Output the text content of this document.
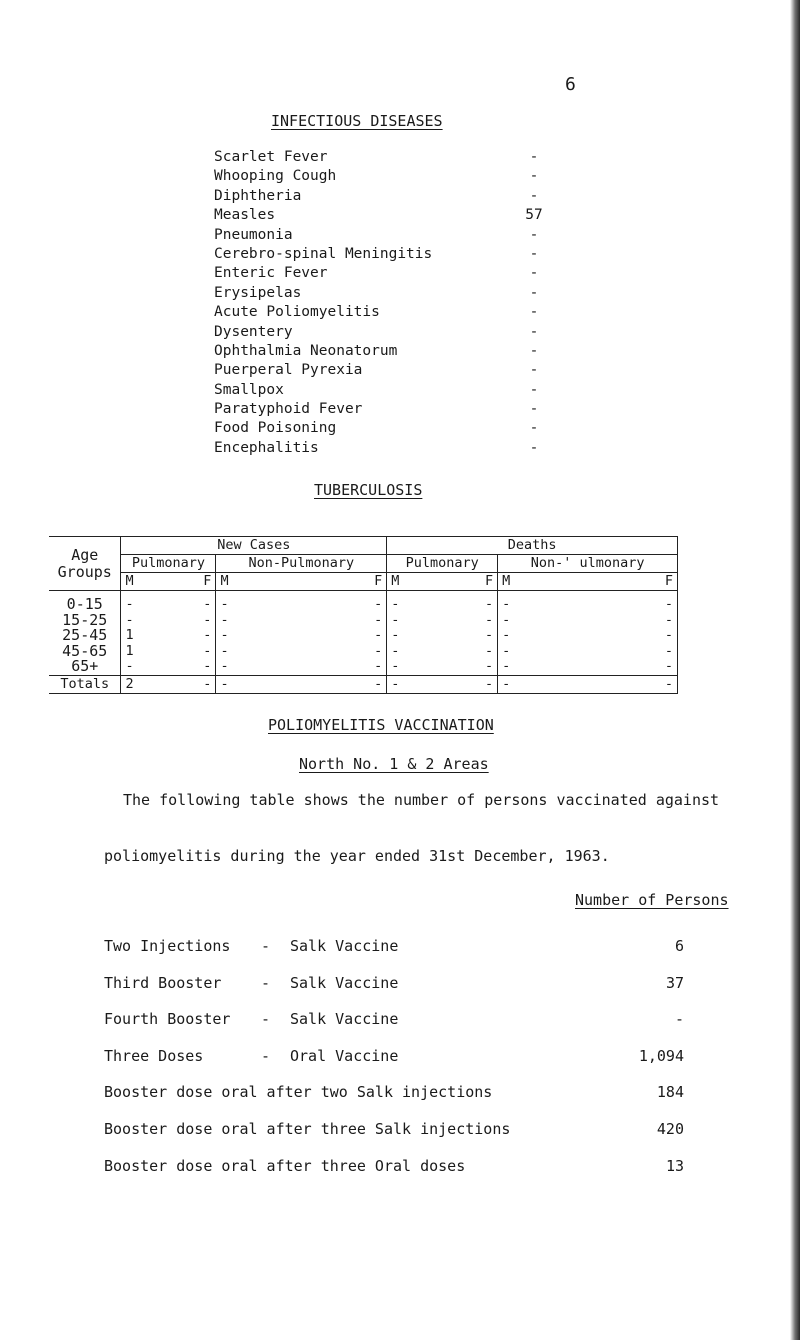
6
INFECTIOUS DISEASES
Scarlet Fever	-
Whooping Cough	-
Diphtheria	-
Measles	57
Pneumonia	-
Cerebro-spinal Meningitis	-
Enteric Fever	-
Erysipelas	-
Acute Poliomyelitis	-
Dysentery	-
Ophthalmia Neonatorum	-
Puerperal Pyrexia	-
Smallpox	-
Paratyphoid Fever	-
Food Poisoning	-
Encephalitis	-
TUBERCULOSIS
Age
Groups	New Cases				Deaths			
	Pulmonary		Non-Pulmonary		Pulmonary		Non-' ulmonary	
	M	F	M	F	M	F	M	F
0-15	-	-	-	-	-	-	-	-
15-25	-	-	-	-	-	-	-	-
25-45	1	-	-	-	-	-	-	-
45-65	1	-	-	-	-	-	-	-
65+	-	-	-	-	-	-	-	-
Totals	2	-	-	-	-	-	-	-
POLIOMYELITIS VACCINATION
North No. 1 & 2 Areas
The following table shows the number of persons vaccinated against
poliomyelitis during the year ended 31st December, 1963.
Number of Persons
Two Injections - Salk Vaccine	6
Third Booster	- Salk Vaccine	37
Fourth Booster - Salk Vaccine	-
Three Doses	- Oral Vaccine	1,094
Booster dose oral after two Salk injections	184
Booster dose oral after three Salk injections	420
Booster dose oral after three Oral doses	13
